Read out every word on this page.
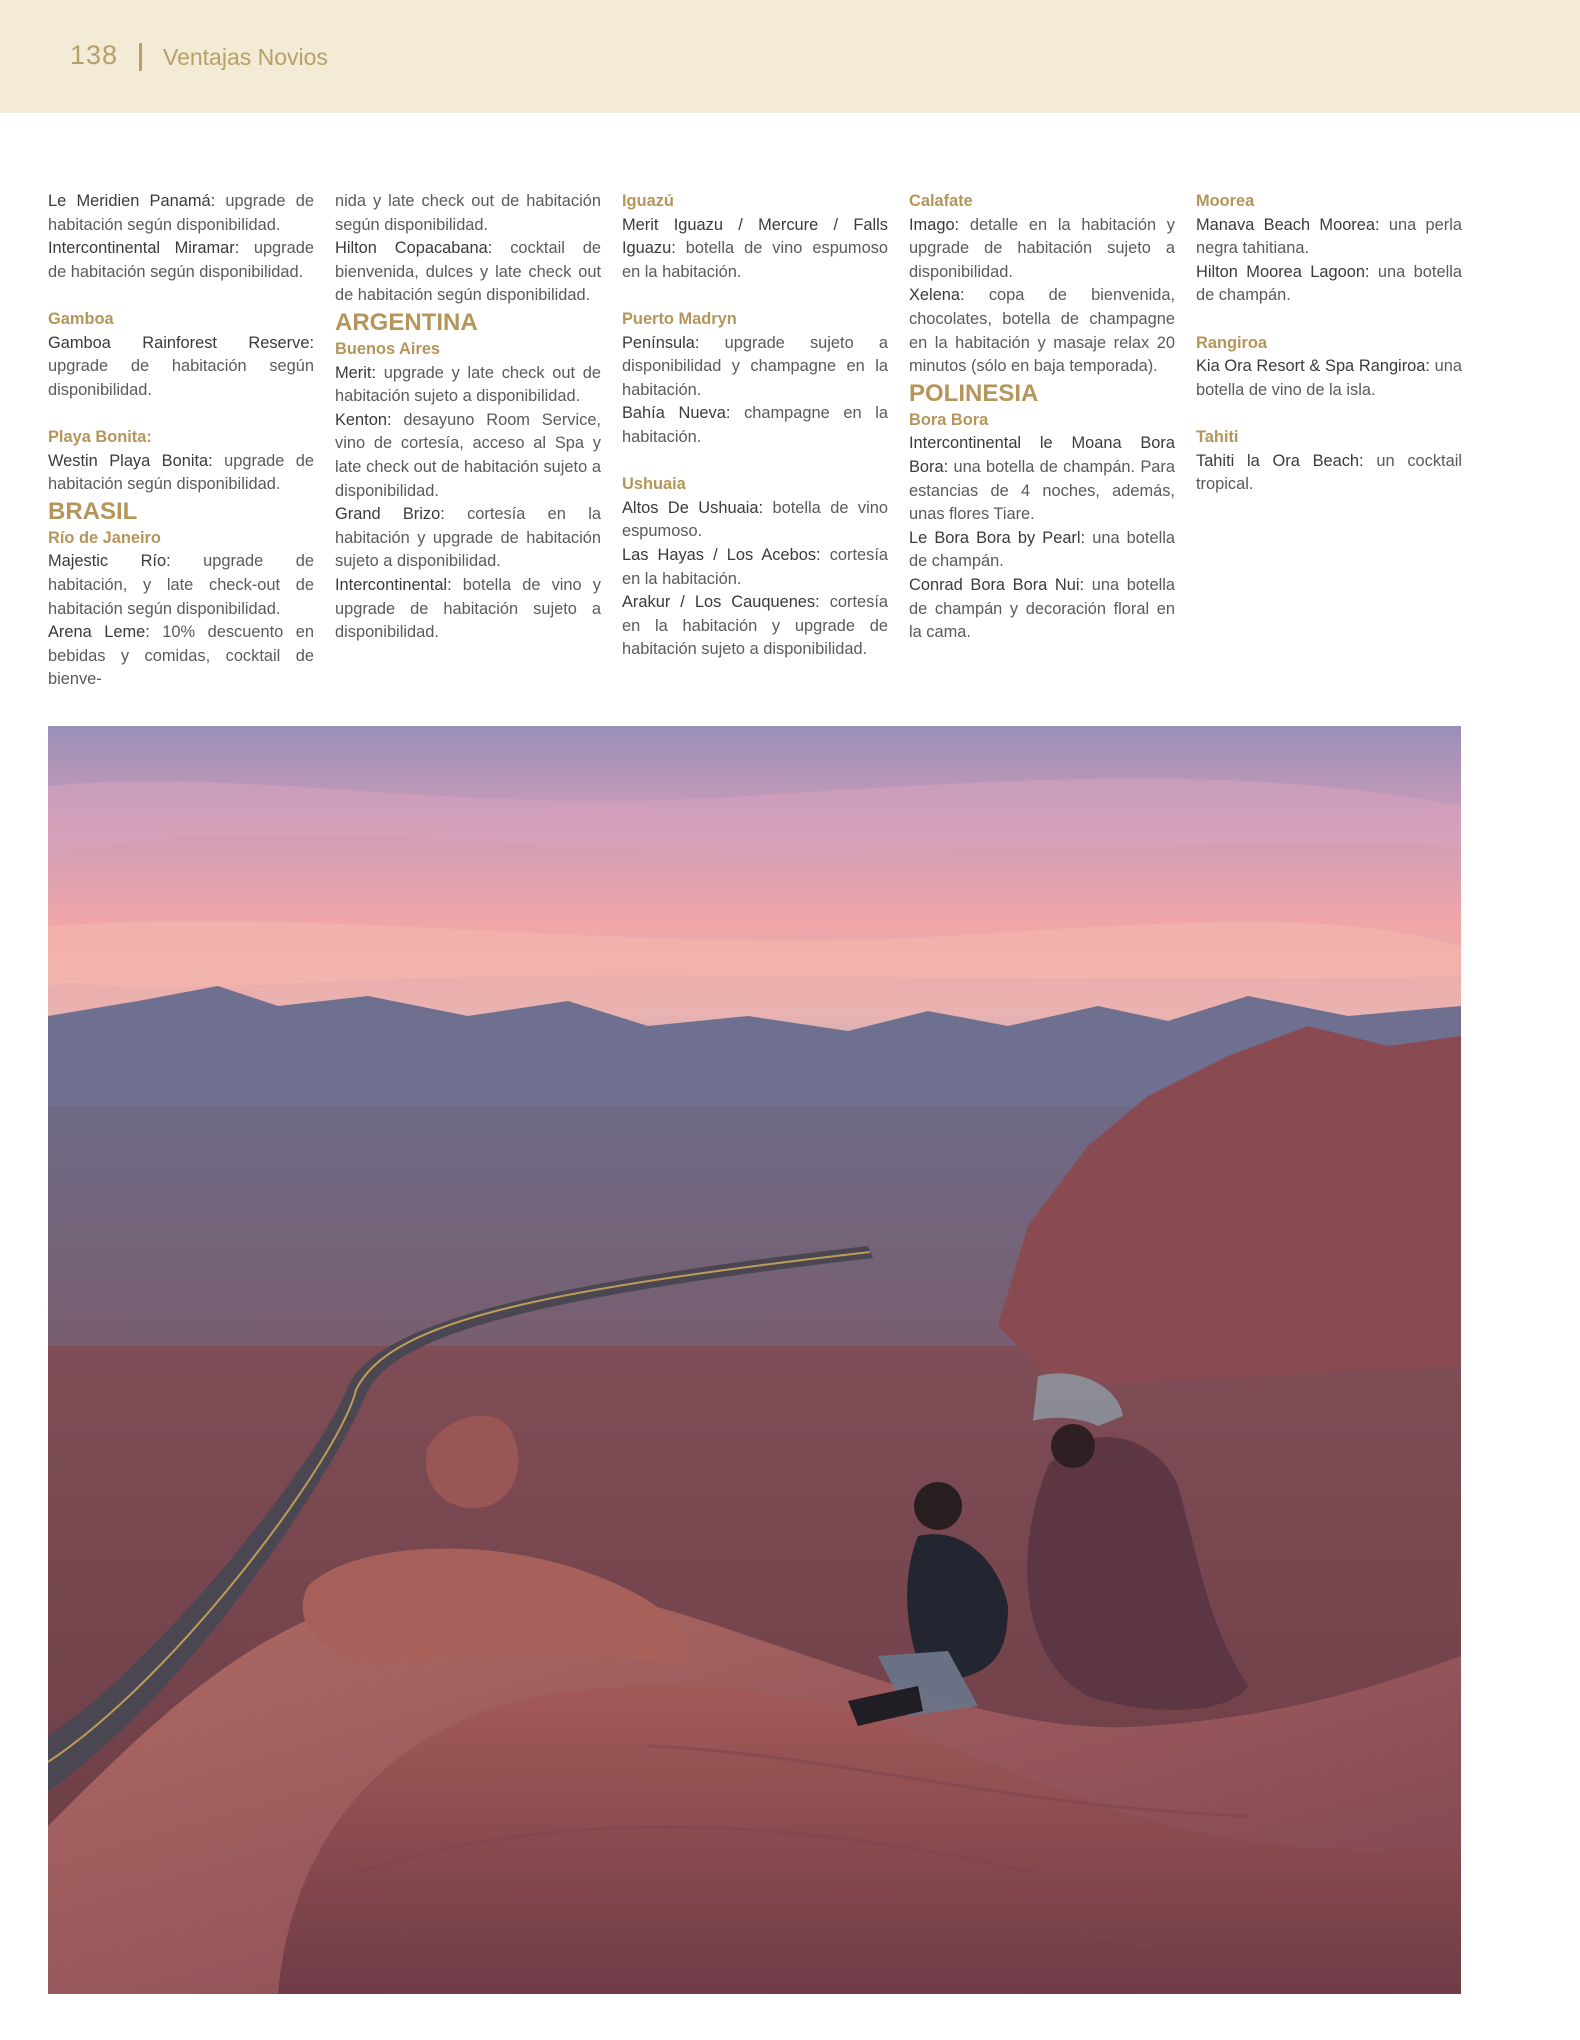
138 Ventajas Novios

Le Meridien Panamá: upgrade de habitación según disponibilidad.

Intercontinental Miramar: upgrade de habitación según disponibilidad.

Gamboa

Gamboa Rainforest Reserve: upgrade de habitación según disponibilidad.

Playa Bonita:

Westin Playa Bonita: upgrade de habitación según disponibilidad.

BRASIL

Río de Janeiro

Majestic Río: upgrade de habitación, y late check-out de habitación según disponibilidad.

Arena Leme: 10% descuento en bebidas y comidas, cocktail de bienve-

nida y late check out de habitación según disponibilidad.

Hilton Copacabana: cocktail de bienvenida, dulces y late check out de habitación según disponibilidad.

ARGENTINA

Buenos Aires

Merit: upgrade y late check out de habitación sujeto a disponibilidad.

Kenton: desayuno Room Service, vino de cortesía, acceso al Spa y late check out de habitación sujeto a disponibilidad.

Grand Brizo: cortesía en la habitación y upgrade de habitación sujeto a disponibilidad.

Intercontinental: botella de vino y upgrade de habitación sujeto a disponibilidad.

Iguazú

Merit Iguazu / Mercure / Falls Iguazu: botella de vino espumoso en la habitación.

Puerto Madryn

Península: upgrade sujeto a disponibilidad y champagne en la habitación.

Bahía Nueva: champagne en la habitación.

Ushuaia

Altos De Ushuaia: botella de vino espumoso.

Las Hayas / Los Acebos: cortesía en la habitación.

Arakur / Los Cauquenes: cortesía en la habitación y upgrade de habitación sujeto a disponibilidad.

Calafate

Imago: detalle en la habitación y upgrade de habitación sujeto a disponibilidad.

Xelena: copa de bienvenida, chocolates, botella de champagne en la habitación y masaje relax 20 minutos (sólo en baja temporada).

POLINESIA

Bora Bora

Intercontinental le Moana Bora Bora: una botella de champán. Para estancias de 4 noches, además, unas flores Tiare.

Le Bora Bora by Pearl: una botella de champán.

Conrad Bora Bora Nui: una botella de champán y decoración floral en la cama.

Moorea

Manava Beach Moorea: una perla negra tahitiana.

Hilton Moorea Lagoon: una botella de champán.

Rangiroa

Kia Ora Resort & Spa Rangiroa: una botella de vino de la isla.

Tahiti

Tahiti la Ora Beach: un cocktail tropical.
